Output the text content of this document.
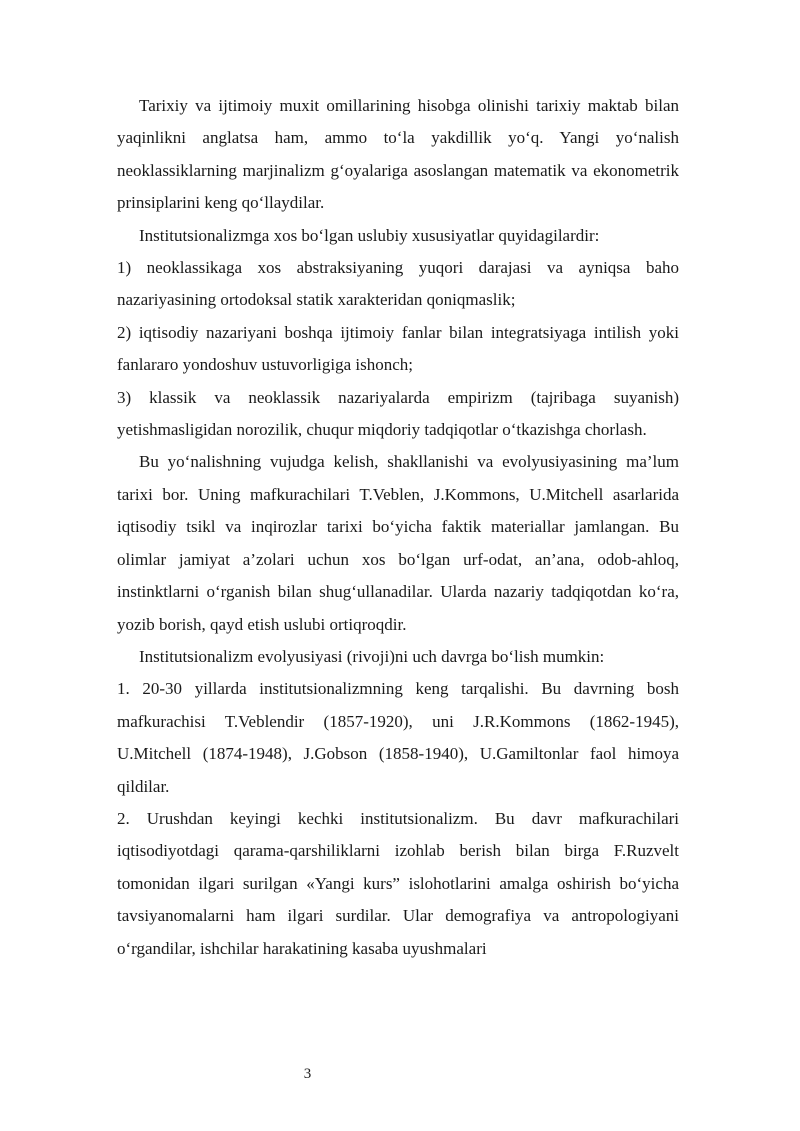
Tarixiy va ijtimoiy muxit omillarining hisobga olinishi tarixiy maktab bilan yaqinlikni anglatsa ham, ammo to‘la yakdillik yo‘q. Yangi yo‘nalish neoklassiklarning marjinalizm g‘oyalariga asoslangan matematik va ekonometrik prinsiplarini keng qo‘llaydilar.

Institutsionalizmga xos bo‘lgan uslubiy xususiyatlar quyidagilardir:

1) neoklassikaga xos abstraksiyaning yuqori darajasi va ayniqsa baho nazariyasining ortodoksal statik xarakteridan qoniqmaslik;

2) iqtisodiy nazariyani boshqa ijtimoiy fanlar bilan integratsiyaga intilish yoki fanlararo yondoshuv ustuvorligiga ishonch;

3) klassik va neoklassik nazariyalarda empirizm (tajribaga suyanish) yetishmasligidan norozilik, chuqur miqdoriy tadqiqotlar o‘tkazishga chorlash.

Bu yo‘nalishning vujudga kelish, shakllanishi va evolyusiyasining ma’lum tarixi bor. Uning mafkurachilari T.Veblen, J.Kommons, U.Mitchell asarlarida iqtisodiy tsikl va inqirozlar tarixi bo‘yicha faktik materiallar jamlangan. Bu olimlar jamiyat a’zolari uchun xos bo‘lgan urf-odat, an’ana, odob-ahloq, instinktlarni o‘rganish bilan shug‘ullanadilar. Ularda nazariy tadqiqotdan ko‘ra, yozib borish, qayd etish uslubi ortiqroqdir.

Institutsionalizm evolyusiyasi (rivoji)ni uch davrga bo‘lish mumkin:

1. 20-30 yillarda institutsionalizmning keng tarqalishi. Bu davrning bosh mafkurachisi T.Veblendir (1857-1920), uni J.R.Kommons (1862-1945), U.Mitchell (1874-1948), J.Gobson (1858-1940), U.Gamiltonlar faol himoya qildilar.

2. Urushdan keyingi kechki institutsionalizm. Bu davr mafkurachilari iqtisodiyotdagi qarama-qarshiliklarni izohlab berish bilan birga F.Ruzvelt tomonidan ilgari surilgan «Yangi kurs” islohotlarini amalga oshirish bo‘yicha tavsiyanomalarni ham ilgari surdilar. Ular demografiya va antropologiyani o‘rgandilar, ishchilar harakatining kasaba uyushmalari

3
